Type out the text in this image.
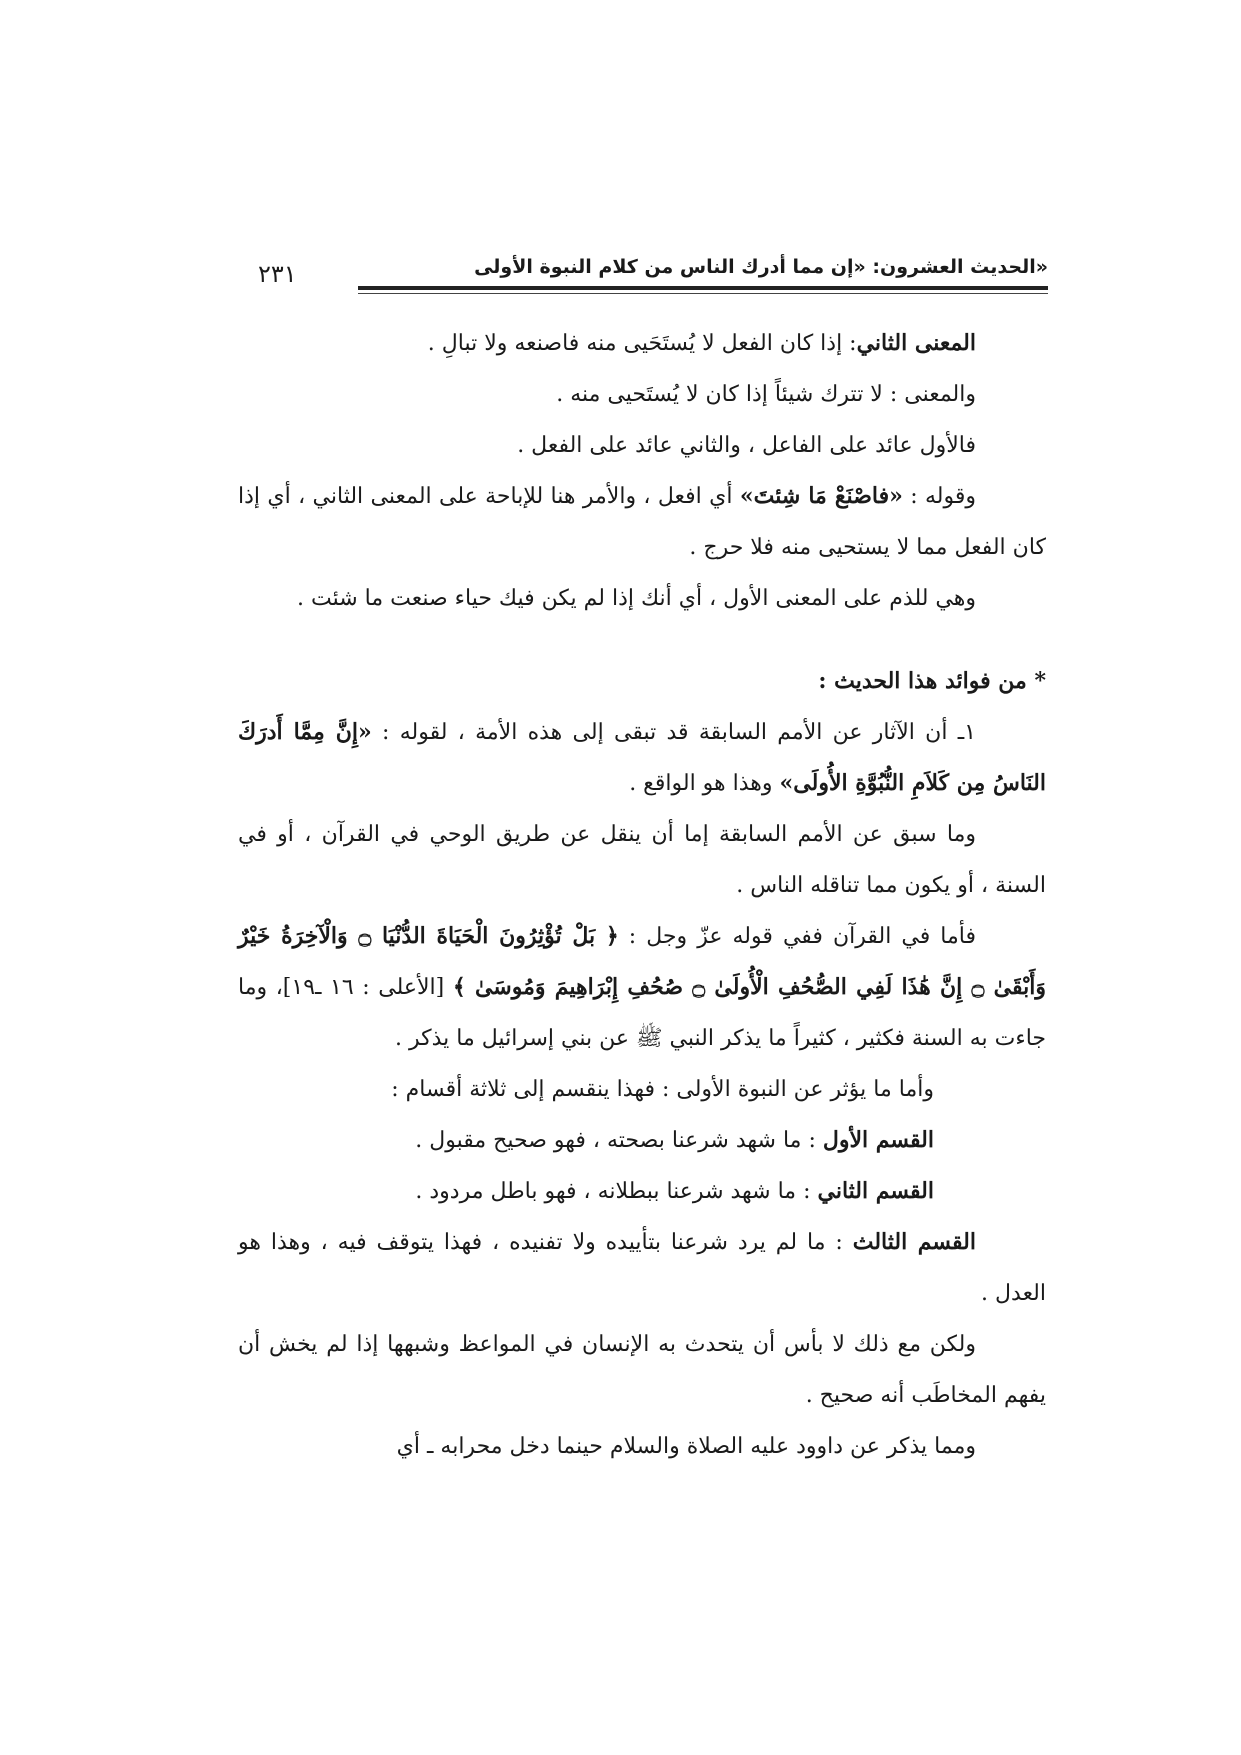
٢٣١	الحديث العشرون: «إن مما أدرك الناس من كلام النبوة الأولى»

المعنى الثاني: إذا كان الفعل لا يُستَحَيى منه فاصنعه ولا تبالِ .

والمعنى : لا تترك شيئاً إذا كان لا يُستَحيى منه .

فالأول عائد على الفاعل ، والثاني عائد على الفعل .

وقوله : «فاصْنَعْ مَا شِئتَ» أي افعل ، والأمر هنا للإباحة على المعنى الثاني ، أي إذا كان الفعل مما لا يستحيى منه فلا حرج .

وهي للذم على المعنى الأول ، أي أنك إذا لم يكن فيك حياء صنعت ما شئت .

* من فوائد هذا الحديث :

١ـ أن الآثار عن الأمم السابقة قد تبقى إلى هذه الأمة ، لقوله : «إِنَّ مِمَّا أَدرَكَ النَاسُ مِن كَلاَمِ النُّبُوَّةِ الأُولَى» وهذا هو الواقع .

وما سبق عن الأمم السابقة إما أن ينقل عن طريق الوحي في القرآن ، أو في السنة ، أو يكون مما تناقله الناس .

فأما في القرآن ففي قوله عزّ وجل : ﴿ بَلْ تُؤْثِرُونَ الْحَيَاةَ الدُّنْيَا ۝ وَالْآخِرَةُ خَيْرٌ وَأَبْقَىٰ ۝ إِنَّ هَٰذَا لَفِي الصُّحُفِ الْأُولَىٰ ۝ صُحُفِ إِبْرَاهِيمَ وَمُوسَىٰ ﴾ [الأعلى : ١٦ ـ١٩]، وما جاءت به السنة فكثير ، كثيراً ما يذكر النبي ﷺ عن بني إسرائيل ما يذكر .

وأما ما يؤثر عن النبوة الأولى : فهذا ينقسم إلى ثلاثة أقسام :

القسم الأول : ما شهد شرعنا بصحته ، فهو صحيح مقبول .

القسم الثاني : ما شهد شرعنا ببطلانه ، فهو باطل مردود .

القسم الثالث : ما لم يرد شرعنا بتأييده ولا تفنيده ، فهذا يتوقف فيه ، وهذا هو العدل .

ولكن مع ذلك لا بأس أن يتحدث به الإنسان في المواعظ وشبهها إذا لم يخش أن يفهم المخاطَب أنه صحيح .

ومما يذكر عن داوود عليه الصلاة والسلام حينما دخل محرابه ـ أي
